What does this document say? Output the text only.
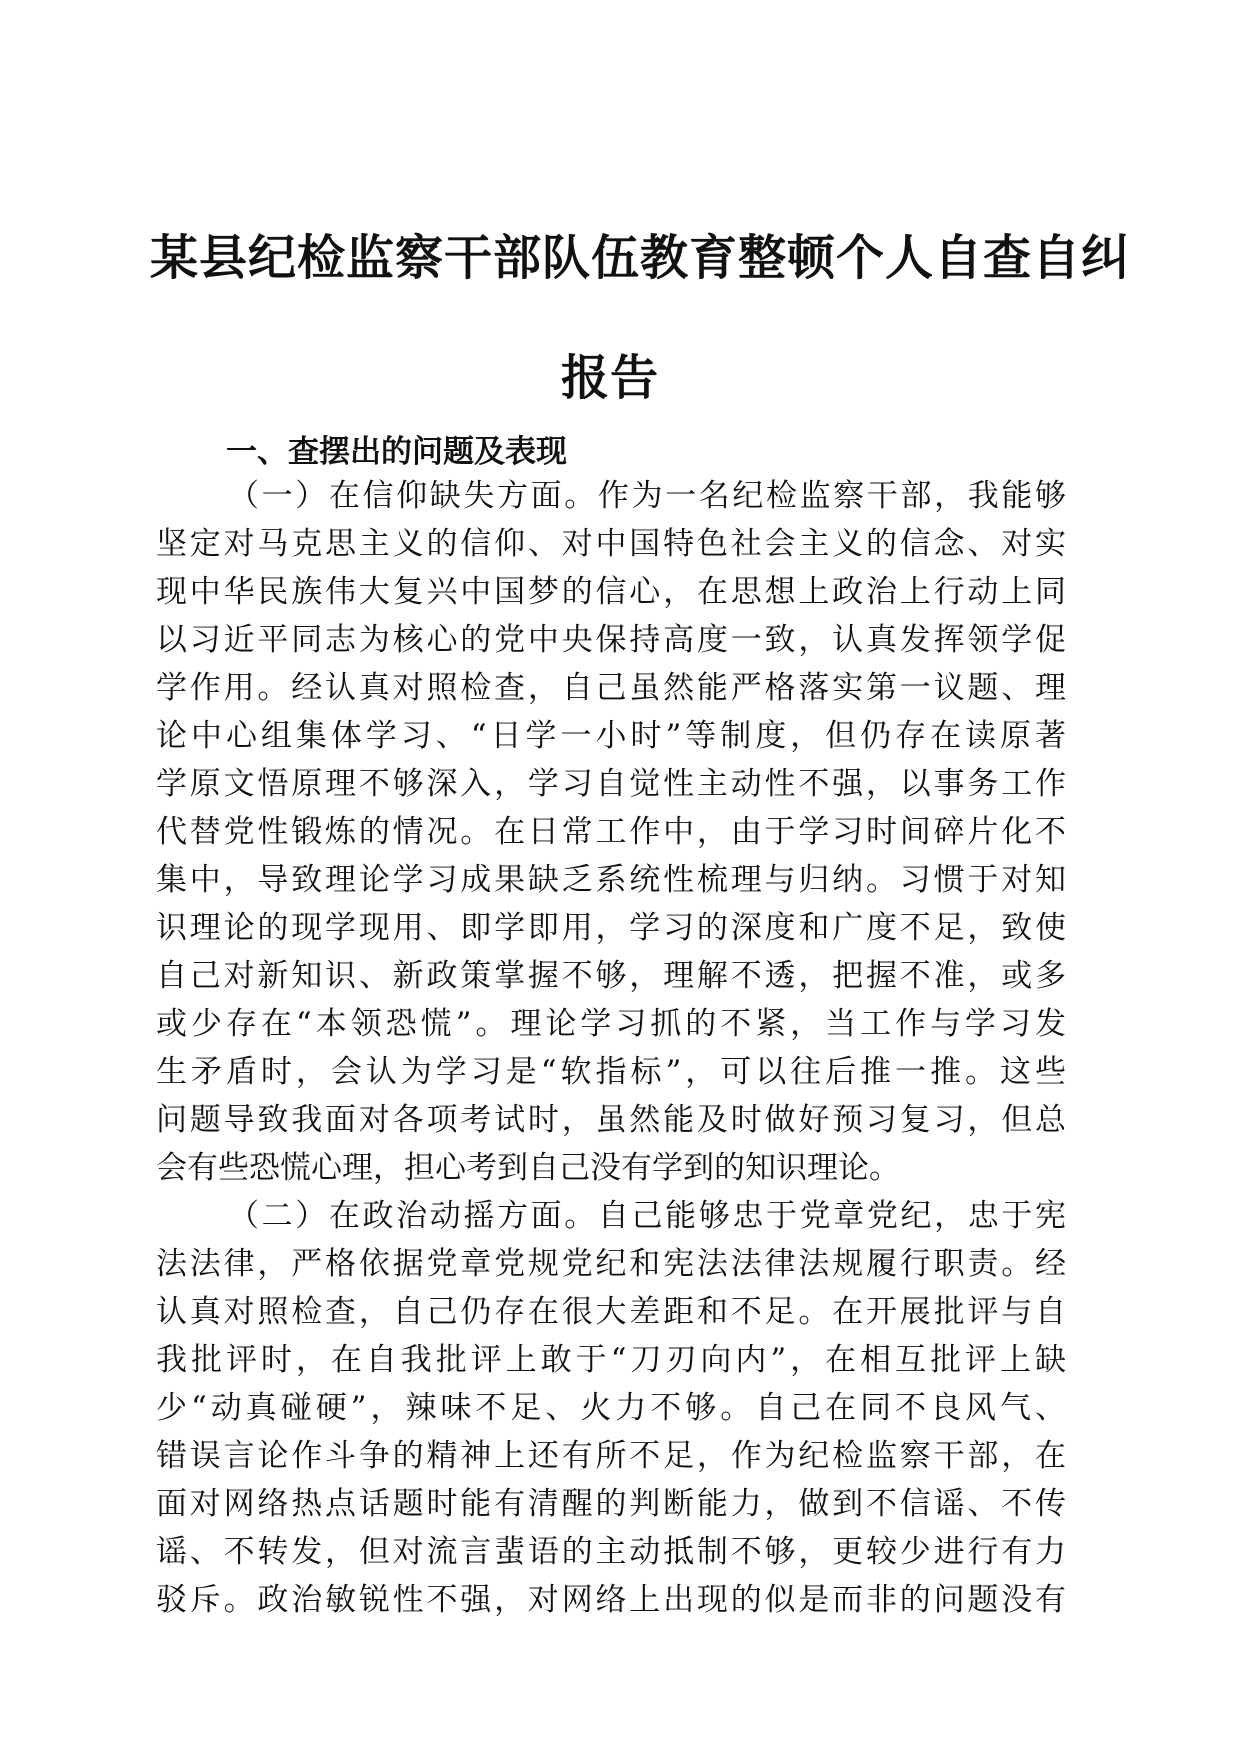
某县纪检监察干部队伍教育整顿个人自查自纠
报告
一、查摆出的问题及表现
（一）在信仰缺失方面。作为一名纪检监察干部，我能够
坚定对马克思主义的信仰、对中国特色社会主义的信念、对实
现中华民族伟大复兴中国梦的信心，在思想上政治上行动上同
以习近平同志为核心的党中央保持高度一致，认真发挥领学促
学作用。经认真对照检查，自己虽然能严格落实第一议题、理
论中心组集体学习、“日学一小时”等制度，但仍存在读原著
学原文悟原理不够深入，学习自觉性主动性不强，以事务工作
代替党性锻炼的情况。在日常工作中，由于学习时间碎片化不
集中，导致理论学习成果缺乏系统性梳理与归纳。习惯于对知
识理论的现学现用、即学即用，学习的深度和广度不足，致使
自己对新知识、新政策掌握不够，理解不透，把握不准，或多
或少存在“本领恐慌”。理论学习抓的不紧，当工作与学习发
生矛盾时，会认为学习是“软指标”，可以往后推一推。这些
问题导致我面对各项考试时，虽然能及时做好预习复习，但总
会有些恐慌心理，担心考到自己没有学到的知识理论。
（二）在政治动摇方面。自己能够忠于党章党纪，忠于宪
法法律，严格依据党章党规党纪和宪法法律法规履行职责。经
认真对照检查，自己仍存在很大差距和不足。在开展批评与自
我批评时，在自我批评上敢于“刀刃向内”，在相互批评上缺
少“动真碰硬”，辣味不足、火力不够。自己在同不良风气、
错误言论作斗争的精神上还有所不足，作为纪检监察干部，在
面对网络热点话题时能有清醒的判断能力，做到不信谣、不传
谣、不转发，但对流言蜚语的主动抵制不够，更较少进行有力
驳斥。政治敏锐性不强，对网络上出现的似是而非的问题没有
